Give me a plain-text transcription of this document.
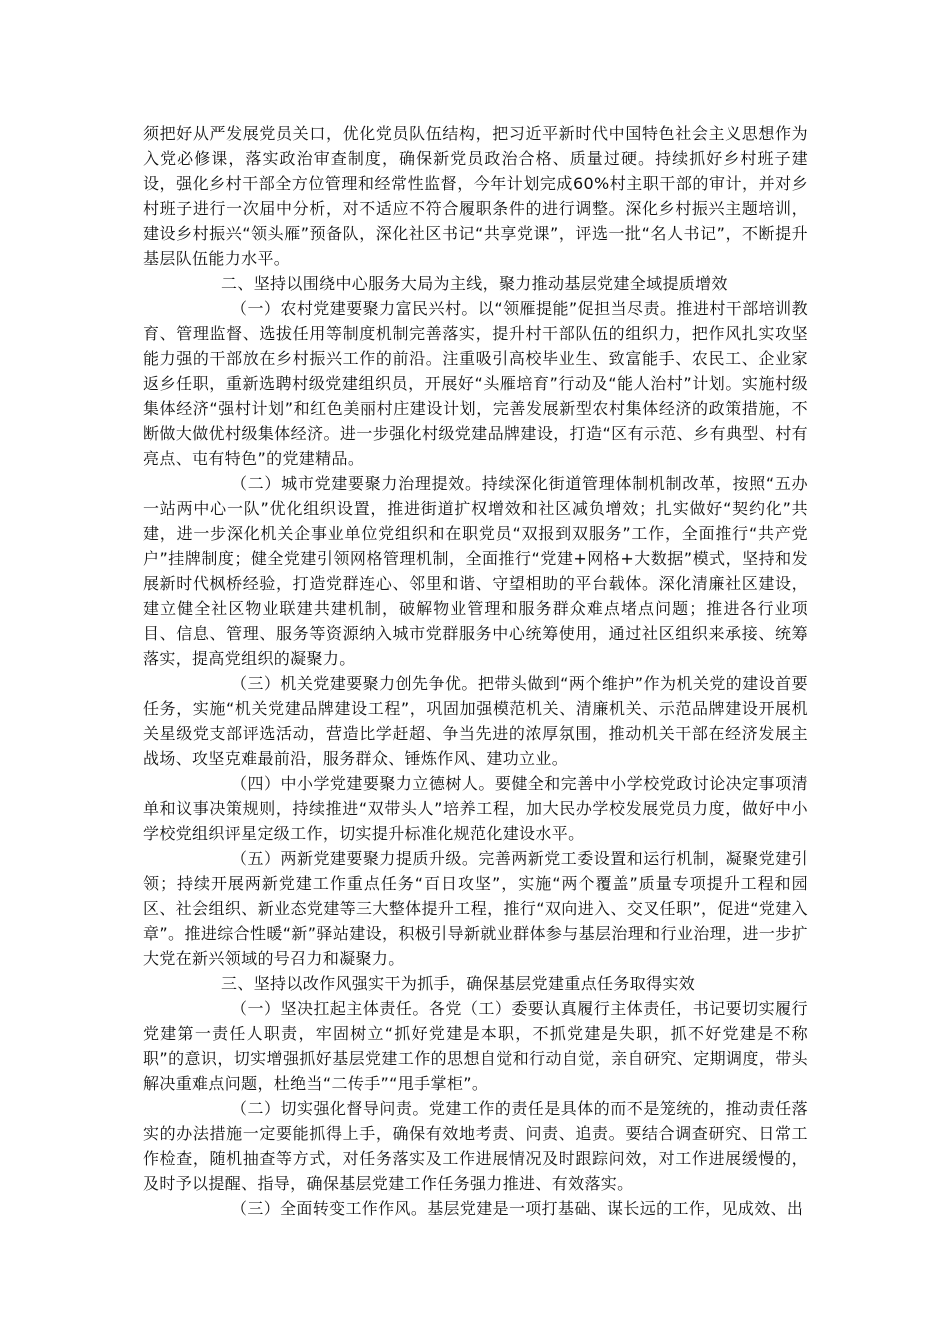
须把好从严发展党员关口，优化党员队伍结构，把习近平新时代中国特色社会主义思想作为入党必修课，落实政治审查制度，确保新党员政治合格、质量过硬。持续抓好乡村班子建设，强化乡村干部全方位管理和经常性监督，今年计划完成60%村主职干部的审计，并对乡村班子进行一次届中分析，对不适应不符合履职条件的进行调整。深化乡村振兴主题培训，建设乡村振兴“领头雁”预备队，深化社区书记“共享党课”，评选一批“名人书记”，不断提升基层队伍能力水平。

二、坚持以围绕中心服务大局为主线，聚力推动基层党建全域提质增效

（一）农村党建要聚力富民兴村。以“领雁提能”促担当尽责。推进村干部培训教育、管理监督、选拔任用等制度机制完善落实，提升村干部队伍的组织力，把作风扎实攻坚能力强的干部放在乡村振兴工作的前沿。注重吸引高校毕业生、致富能手、农民工、企业家返乡任职，重新选聘村级党建组织员，开展好“头雁培育”行动及“能人治村”计划。实施村级集体经济“强村计划”和红色美丽村庄建设计划，完善发展新型农村集体经济的政策措施，不断做大做优村级集体经济。进一步强化村级党建品牌建设，打造“区有示范、乡有典型、村有亮点、屯有特色”的党建精品。

（二）城市党建要聚力治理提效。持续深化街道管理体制机制改革，按照“五办一站两中心一队”优化组织设置，推进街道扩权增效和社区减负增效；扎实做好“契约化”共建，进一步深化机关企事业单位党组织和在职党员“双报到双服务”工作，全面推行“共产党户”挂牌制度；健全党建引领网格管理机制，全面推行“党建+网格+大数据”模式，坚持和发展新时代枫桥经验，打造党群连心、邻里和谐、守望相助的平台载体。深化清廉社区建设，建立健全社区物业联建共建机制，破解物业管理和服务群众难点堵点问题；推进各行业项目、信息、管理、服务等资源纳入城市党群服务中心统筹使用，通过社区组织来承接、统筹落实，提高党组织的凝聚力。

（三）机关党建要聚力创先争优。把带头做到“两个维护”作为机关党的建设首要任务，实施“机关党建品牌建设工程”，巩固加强模范机关、清廉机关、示范品牌建设开展机关星级党支部评选活动，营造比学赶超、争当先进的浓厚氛围，推动机关干部在经济发展主战场、攻坚克难最前沿，服务群众、锤炼作风、建功立业。

（四）中小学党建要聚力立德树人。要健全和完善中小学校党政讨论决定事项清单和议事决策规则，持续推进“双带头人”培养工程，加大民办学校发展党员力度，做好中小学校党组织评星定级工作，切实提升标准化规范化建设水平。

（五）两新党建要聚力提质升级。完善两新党工委设置和运行机制，凝聚党建引领；持续开展两新党建工作重点任务“百日攻坚”，实施“两个覆盖”质量专项提升工程和园区、社会组织、新业态党建等三大整体提升工程，推行“双向进入、交叉任职”，促进“党建入章”。推进综合性暖“新”驿站建设，积极引导新就业群体参与基层治理和行业治理，进一步扩大党在新兴领域的号召力和凝聚力。

三、坚持以改作风强实干为抓手，确保基层党建重点任务取得实效

（一）坚决扛起主体责任。各党（工）委要认真履行主体责任，书记要切实履行党建第一责任人职责，牢固树立“抓好党建是本职，不抓党建是失职，抓不好党建是不称职”的意识，切实增强抓好基层党建工作的思想自觉和行动自觉，亲自研究、定期调度，带头解决重难点问题，杜绝当“二传手”“甩手掌柜”。

（二）切实强化督导问责。党建工作的责任是具体的而不是笼统的，推动责任落实的办法措施一定要能抓得上手，确保有效地考责、问责、追责。要结合调查研究、日常工作检查，随机抽查等方式，对任务落实及工作进展情况及时跟踪问效，对工作进展缓慢的，及时予以提醒、指导，确保基层党建工作任务强力推进、有效落实。

（三）全面转变工作作风。基层党建是一项打基础、谋长远的工作，见成效、出
